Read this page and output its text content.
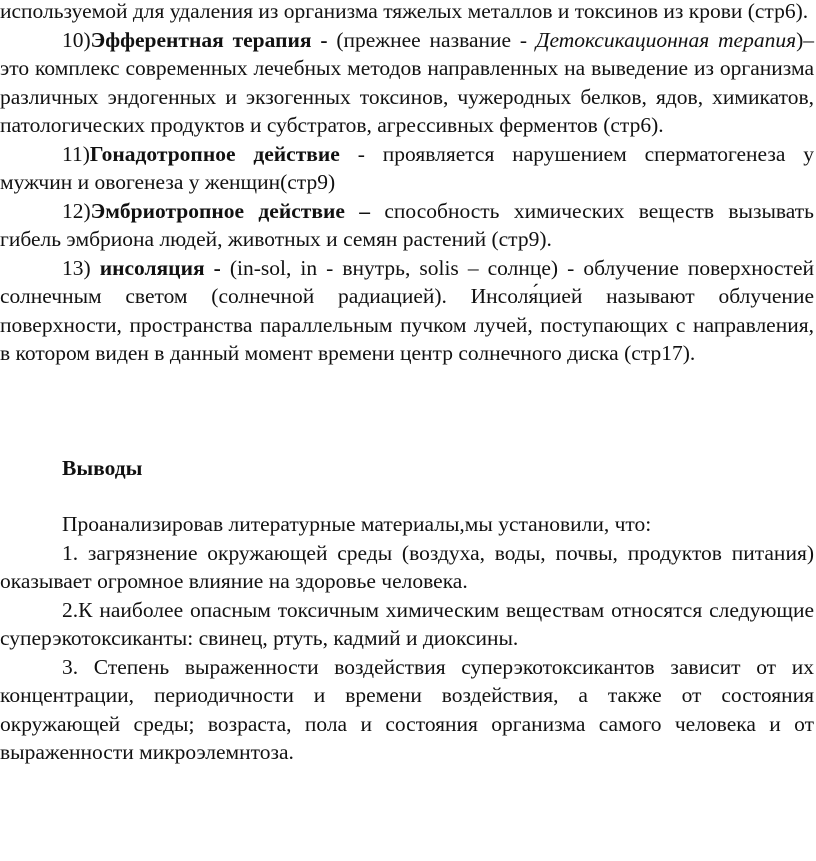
используемой для удаления из организма тяжелых металлов и токсинов из крови (стр6).

10)Эфферентная терапия - (прежнее название - Детоксикационная терапия)– это комплекс современных лечебных методов направленных на выведение из организма различных эндогенных и экзогенных токсинов, чужеродных белков, ядов, химикатов, патологических продуктов и субстратов, агрессивных ферментов (стр6).

11)Гонадотропное действие - проявляется нарушением сперматогенеза у мужчин и овогенеза у женщин(стр9)

12)Эмбриотропное действие – способность химических веществ вызывать гибель эмбриона людей, животных и семян растений (стр9).

13) инсоляция - (in-sol, in - внутрь, solis – солнце) - облучение поверхностей солнечным светом (солнечной радиацией). Инсоля́цией называют облучение поверхности, пространства параллельным пучком лучей, поступающих с направления, в котором виден в данный момент времени центр солнечного диска (стр17).

Выводы

Проанализировав литературные материалы,мы установили, что:

1. загрязнение окружающей среды (воздуха, воды, почвы, продуктов питания) оказывает огромное влияние на здоровье человека.

2.К наиболее опасным токсичным химическим веществам относятся следующие суперэкотоксиканты: свинец, ртуть, кадмий и диоксины.

3. Степень выраженности воздействия суперэкотоксикантов зависит от их концентрации, периодичности и времени воздействия, а также от состояния окружающей среды; возраста, пола и состояния организма самого человека и от выраженности микроэлемнтоза.
